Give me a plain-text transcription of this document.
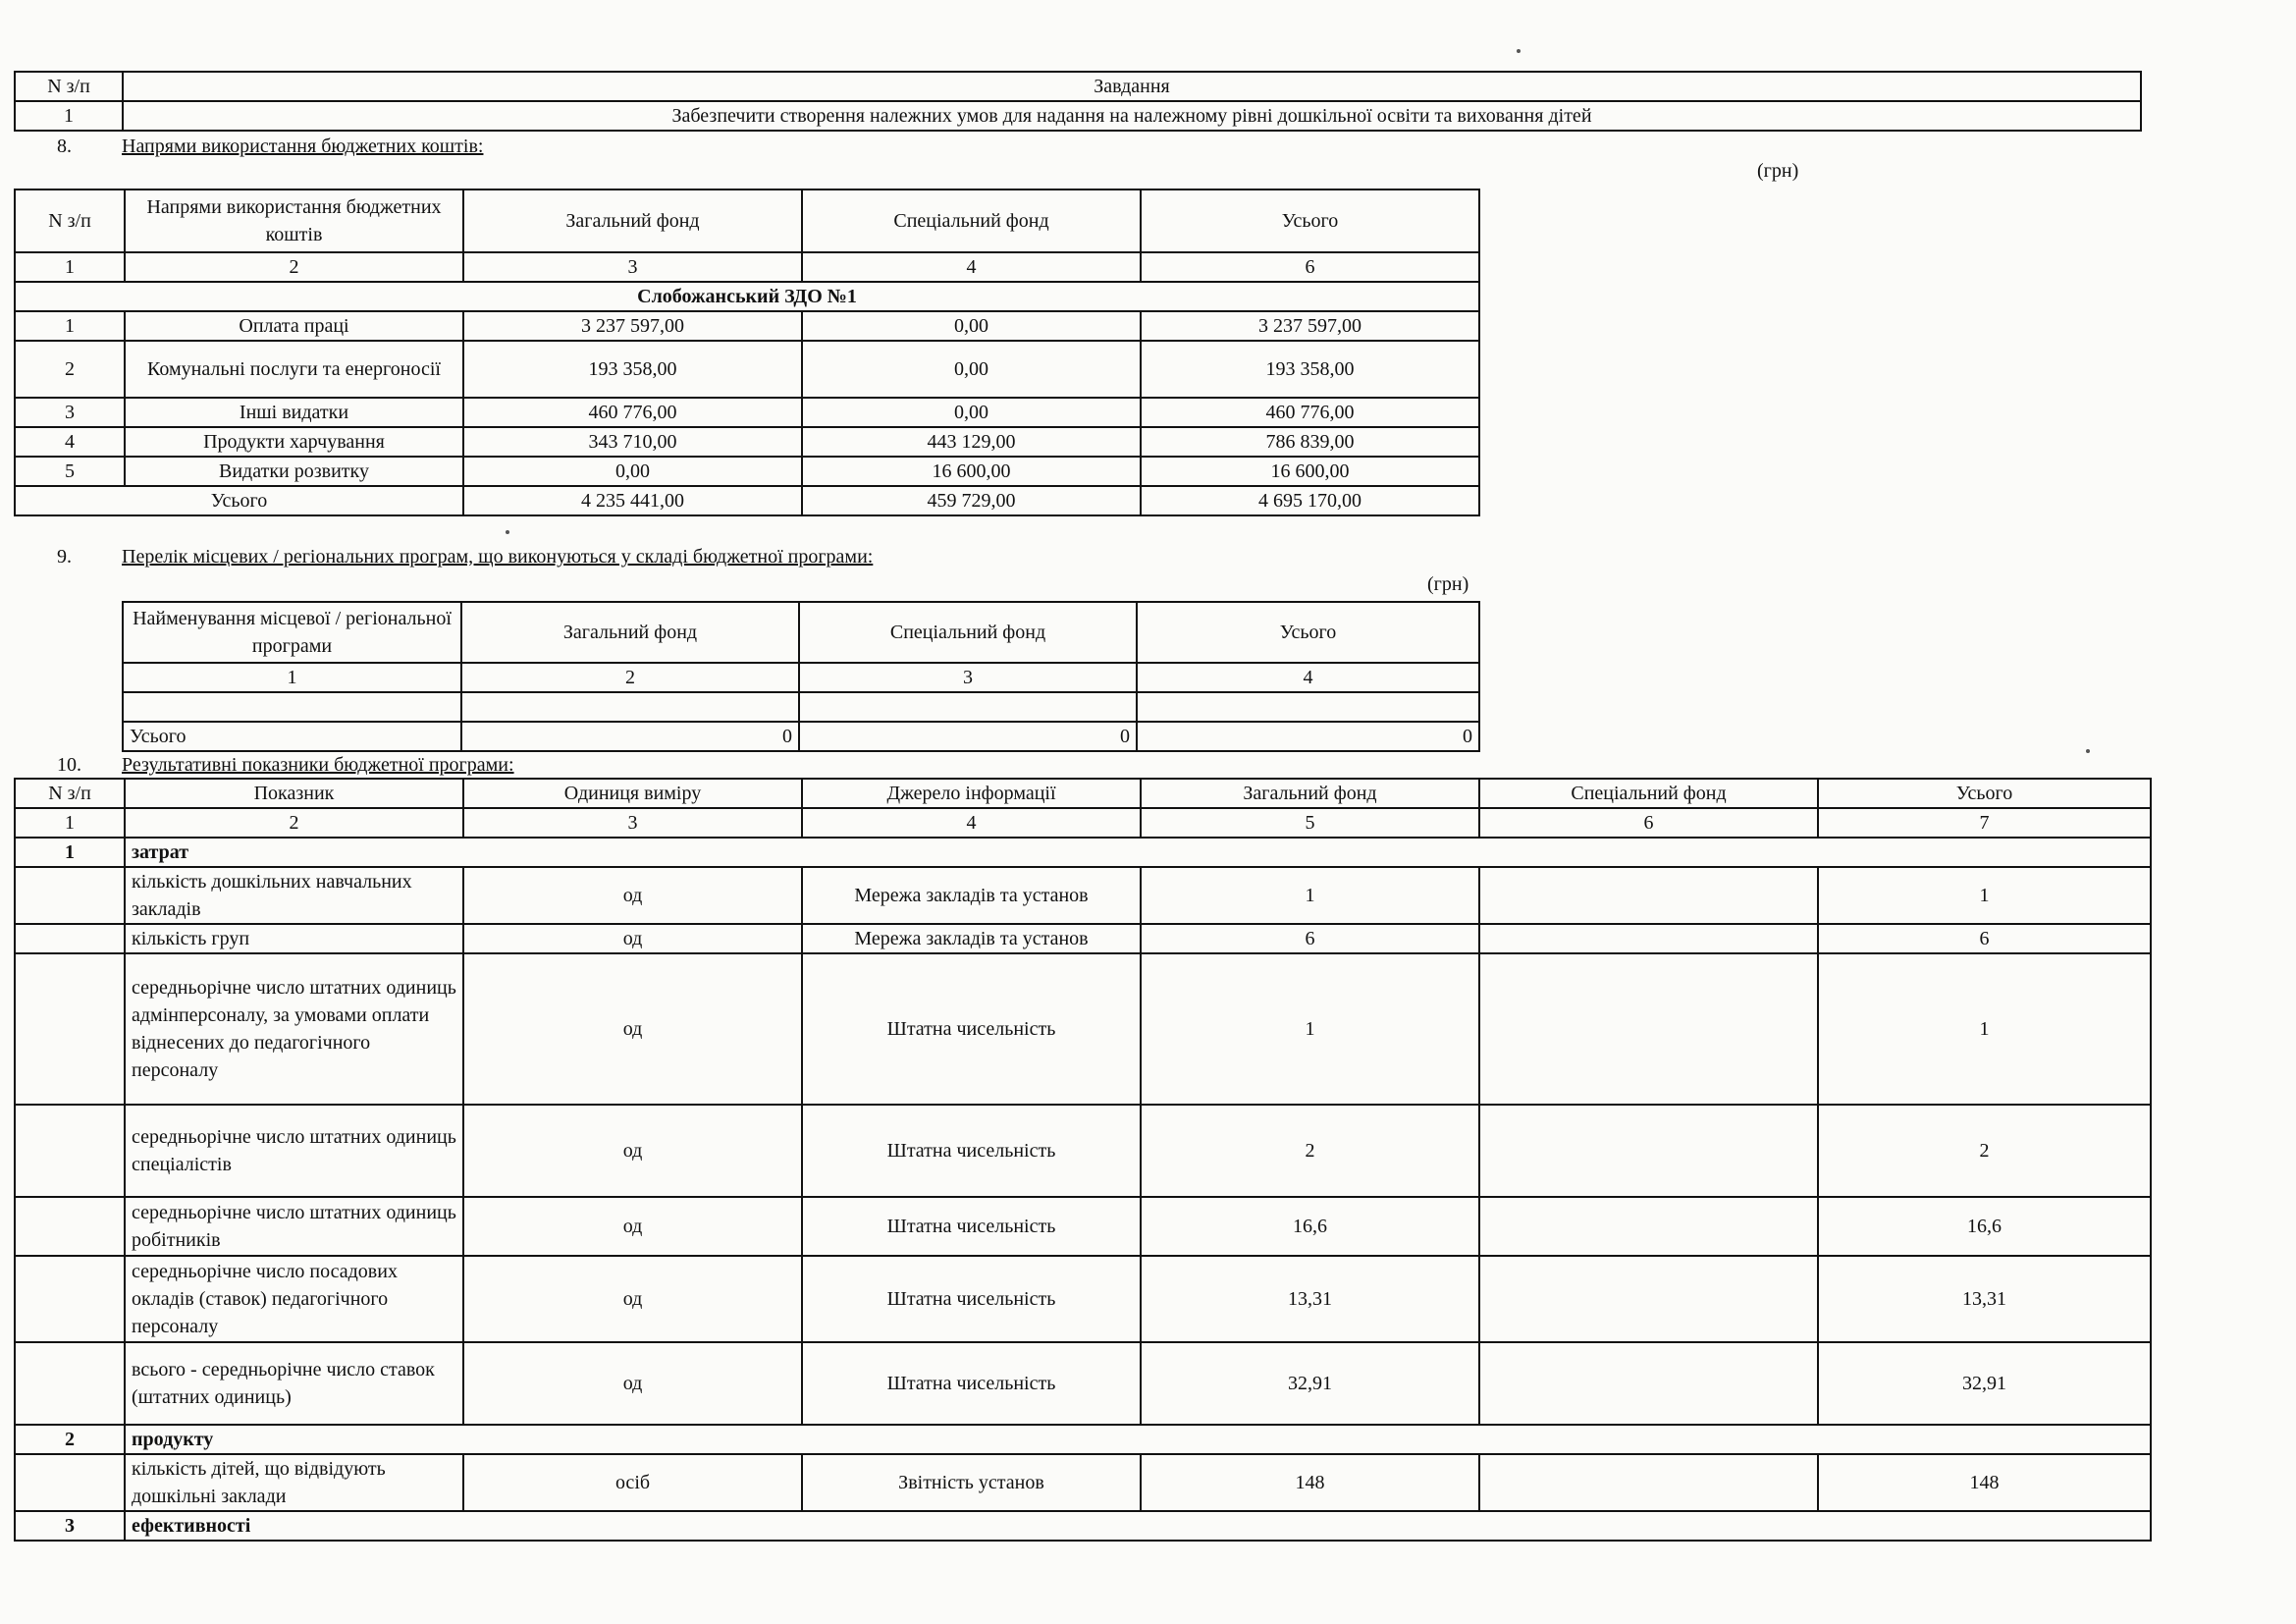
N з/п	Завдання
1	Забезпечити створення належних умов для надання на належному рівні дошкільної освіти та виховання дітей
8.	Напрями використання бюджетних коштів:
(грн)
N з/п	Напрями використання бюджетних коштів	Загальний фонд	Спеціальний фонд	Усього
1	2	3	4	6
Слобожанський ЗДО №1				
1	Оплата праці	3 237 597,00	0,00	3 237 597,00
2	Комунальні послуги та енергоносії	193 358,00	0,00	193 358,00
3	Інші видатки	460 776,00	0,00	460 776,00
4	Продукти харчування	343 710,00	443 129,00	786 839,00
5	Видатки розвитку	0,00	16 600,00	16 600,00
Усього		4 235 441,00	459 729,00	4 695 170,00
9.	Перелік місцевих / регіональних програм, що виконуються у складі бюджетної програми:
(грн)
Найменування місцевої / регіональної програми	Загальний фонд	Спеціальний фонд	Усього
1	2	3	4

Усього	0	0	0
10. Результативні показники бюджетної програми:
N з/п	Показник	Одиниця виміру	Джерело інформації	Загальний фонд	Спеціальний фонд	Усього
1	2	3	4	5	6	7
1	затрат					
	кількість дошкільних навчальних закладів	од	Мережа закладів та установ	1		1
	кількість груп	од	Мережа закладів та установ	6		6
	середньорічне число штатних одиниць адмінперсоналу, за умовами оплати віднесених до педагогічного персоналу	од	Штатна чисельність	1		1
	середньорічне число штатних одиниць спеціалістів	од	Штатна чисельність	2		2
	середньорічне число штатних одиниць робітників	од	Штатна чисельність	16,6		16,6
	середньорічне число посадових окладів (ставок) педагогічного персоналу	од	Штатна чисельність	13,31		13,31
	всього - середньорічне число ставок (штатних одиниць)	од	Штатна чисельність	32,91		32,91
2	продукту					
	кількість дітей, що відвідують дошкільні заклади	осіб	Звітність установ	148		148
3	ефективності					
